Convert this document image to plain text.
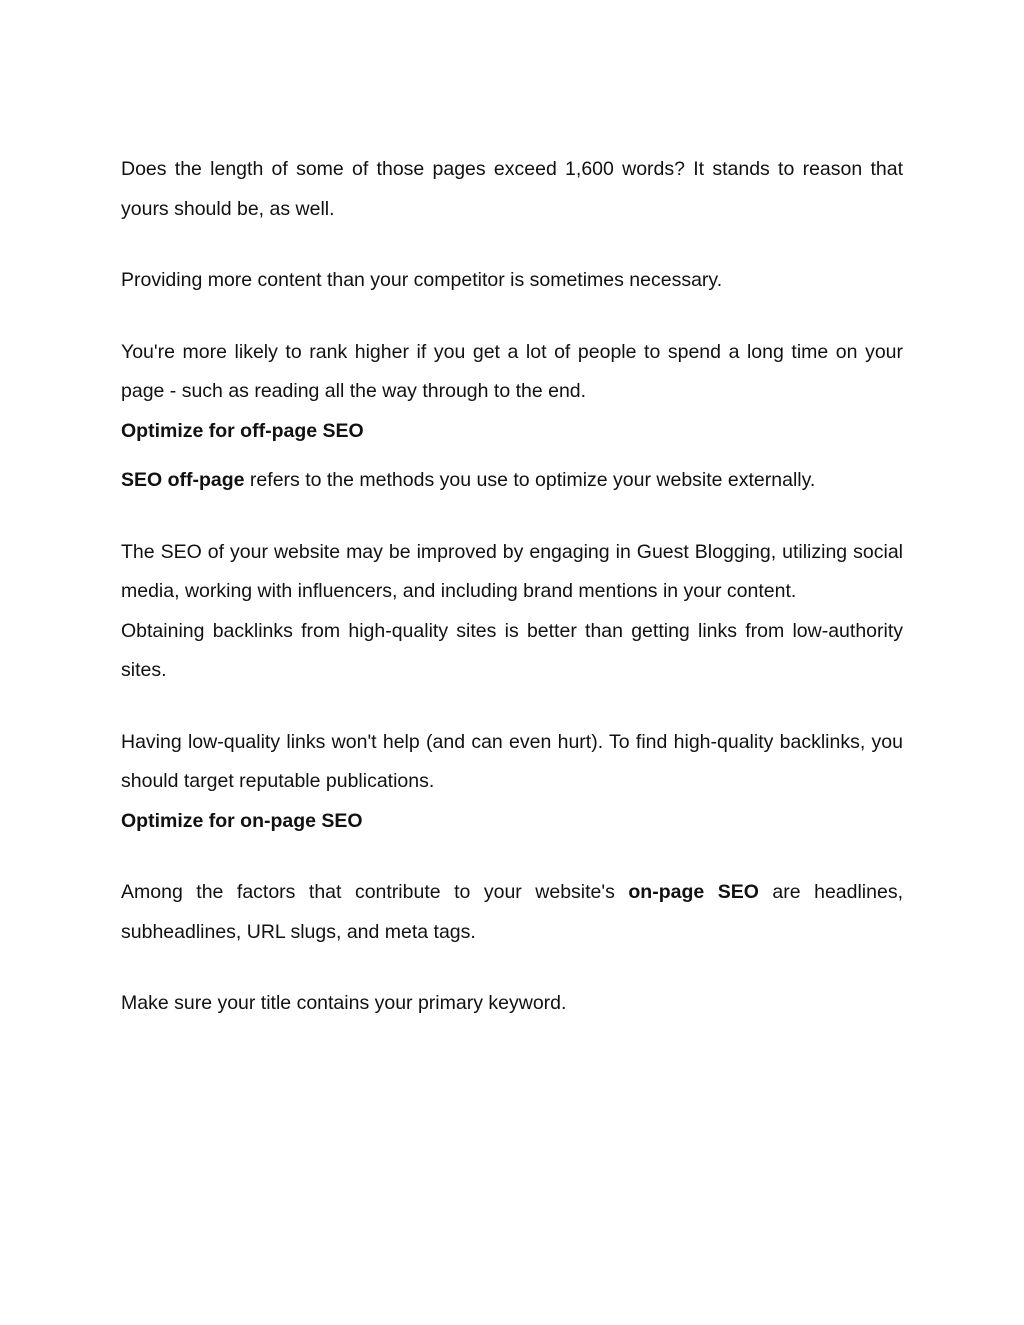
Does the length of some of those pages exceed 1,600 words? It stands to reason that yours should be, as well.

Providing more content than your competitor is sometimes necessary.

You're more likely to rank higher if you get a lot of people to spend a long time on your page - such as reading all the way through to the end.

Optimize for off-page SEO

SEO off-page refers to the methods you use to optimize your website externally.

The SEO of your website may be improved by engaging in Guest Blogging, utilizing social media, working with influencers, and including brand mentions in your content.

Obtaining backlinks from high-quality sites is better than getting links from low-authority sites.

Having low-quality links won't help (and can even hurt). To find high-quality backlinks, you should target reputable publications.

Optimize for on-page SEO

Among the factors that contribute to your website's on-page SEO are headlines, subheadlines, URL slugs, and meta tags.

Make sure your title contains your primary keyword.
